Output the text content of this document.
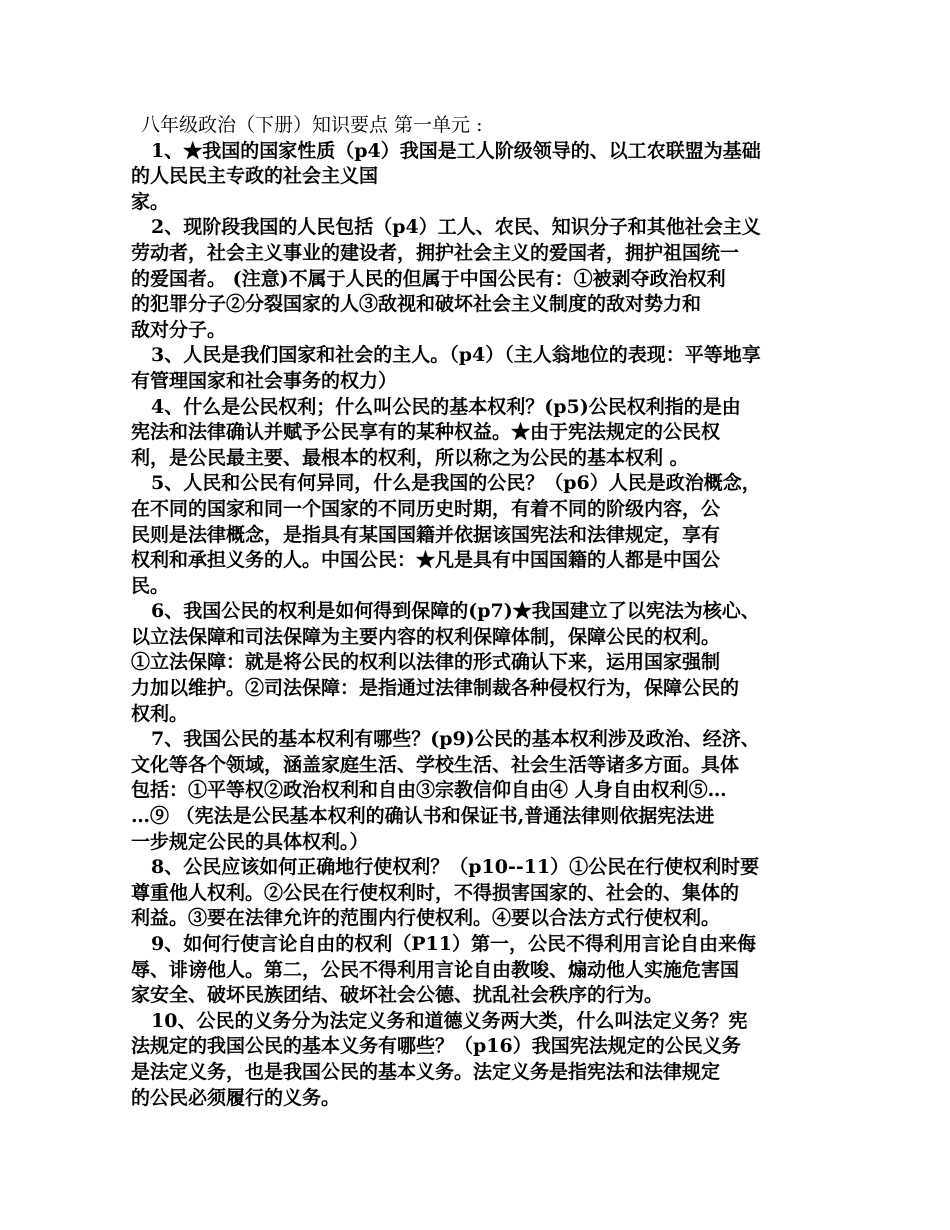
八年级政治（下册）知识要点 第一单元 :

1、★我国的国家性质（p4）我国是工人阶级领导的、以工农联盟为基础
的人民民主专政的社会主义国
家。

2、现阶段我国的人民包括（p4）工人、农民、知识分子和其他社会主义
劳动者，社会主义事业的建设者，拥护社会主义的爱国者，拥护祖国统一
的爱国者。 (注意)不属于人民的但属于中国公民有：①被剥夺政治权利
的犯罪分子②分裂国家的人③敌视和破坏社会主义制度的敌对势力和
敌对分子。

3、人民是我们国家和社会的主人。（p4）（主人翁地位的表现：平等地享
有管理国家和社会事务的权力）

4、什么是公民权利；什么叫公民的基本权利？(p5)公民权利指的是由
宪法和法律确认并赋予公民享有的某种权益。★由于宪法规定的公民权
利，是公民最主要、最根本的权利，所以称之为公民的基本权利 。

5、人民和公民有何异同，什么是我国的公民？（p6）人民是政治概念，
在不同的国家和同一个国家的不同历史时期，有着不同的阶级内容，公
民则是法律概念，是指具有某国国籍并依据该国宪法和法律规定，享有
权利和承担义务的人。中国公民：★凡是具有中国国籍的人都是中国公
民。

6、我国公民的权利是如何得到保障的(p7)★我国建立了以宪法为核心、
以立法保障和司法保障为主要内容的权利保障体制，保障公民的权利。
①立法保障：就是将公民的权利以法律的形式确认下来，运用国家强制
力加以维护。②司法保障：是指通过法律制裁各种侵权行为，保障公民的
权利。

7、我国公民的基本权利有哪些？(p9)公民的基本权利涉及政治、经济、
文化等各个领域，涵盖家庭生活、学校生活、社会生活等诸多方面。具体
包括：①平等权②政治权利和自由③宗教信仰自由④ 人身自由权利⑤…
…⑨ （宪法是公民基本权利的确认书和保证书,普通法律则依据宪法进
一步规定公民的具体权利。）

8、公民应该如何正确地行使权利？（p10--11）①公民在行使权利时要
尊重他人权利。②公民在行使权利时，不得损害国家的、社会的、集体的
利益。③要在法律允许的范围内行使权利。④要以合法方式行使权利。

9、如何行使言论自由的权利（P11）第一，公民不得利用言论自由来侮
辱、诽谤他人。第二，公民不得利用言论自由教唆、煽动他人实施危害国
家安全、破坏民族团结、破坏社会公德、扰乱社会秩序的行为。

10、公民的义务分为法定义务和道德义务两大类，什么叫法定义务？宪
法规定的我国公民的基本义务有哪些？（p16）我国宪法规定的公民义务
是法定义务，也是我国公民的基本义务。法定义务是指宪法和法律规定
的公民必须履行的义务。
